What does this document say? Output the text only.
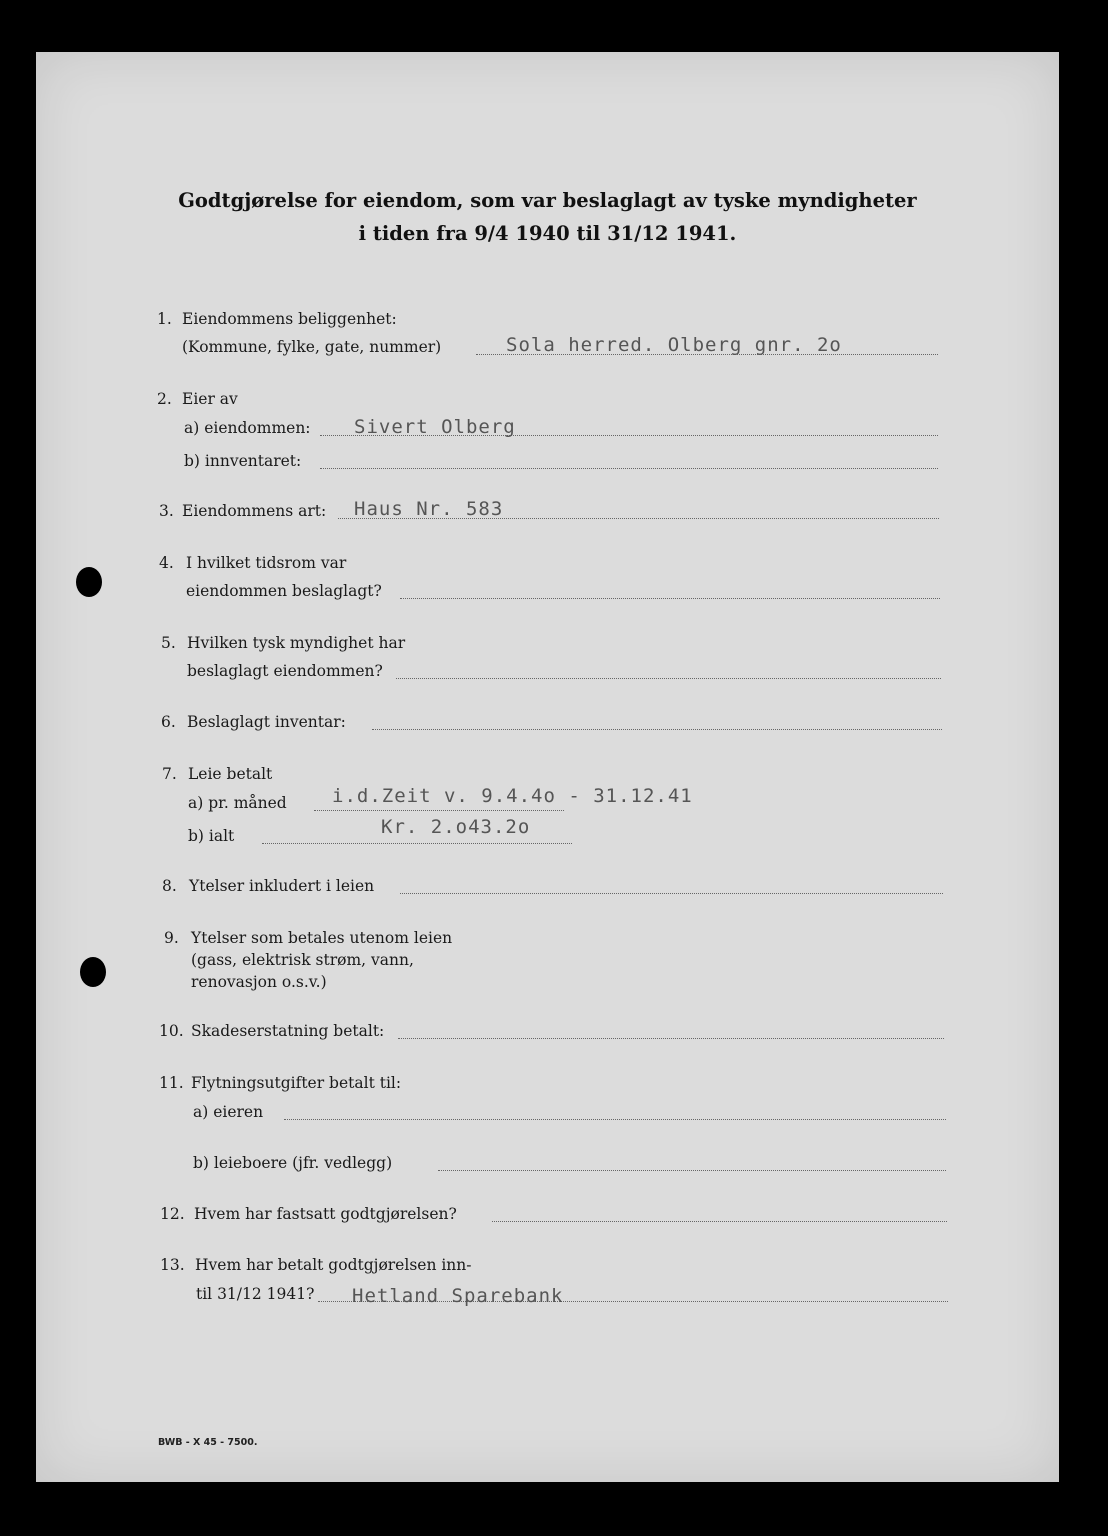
Godtgjørelse for eiendom, som var beslaglagt av tyske myndigheter
i tiden fra 9/4 1940 til 31/12 1941.
1. Eiendommens beliggenhet:
(Kommune, fylke, gate, nummer)	Sola herred. Olberg gnr. 2o
2. Eier av
a) eiendommen: Sivert Olberg
b) innventaret:
3. Eiendommens art: Haus Nr. 583
4. I hvilket tidsrom var
eiendommen beslaglagt?
5. Hvilken tysk myndighet har
beslaglagt eiendommen?
6. Beslaglagt inventar:
7. Leie betalt
a) pr. måned i.d.Zeit v. 9.4.4o - 31.12.41
b) ialt	Kr. 2.o43.2o
8. Ytelser inkludert i leien
9. Ytelser som betales utenom leien
(gass, elektrisk strøm, vann,
renovasjon o.s.v.)
10. Skadeserstatning betalt:
11. Flytningsutgifter betalt til:
a) eieren
b) leieboere (jfr. vedlegg)
12. Hvem har fastsatt godtgjørelsen?
13. Hvem har betalt godtgjørelsen inn-
til 31/12 1941? Hetland Sparebank
BWB - X 45 - 7500.
